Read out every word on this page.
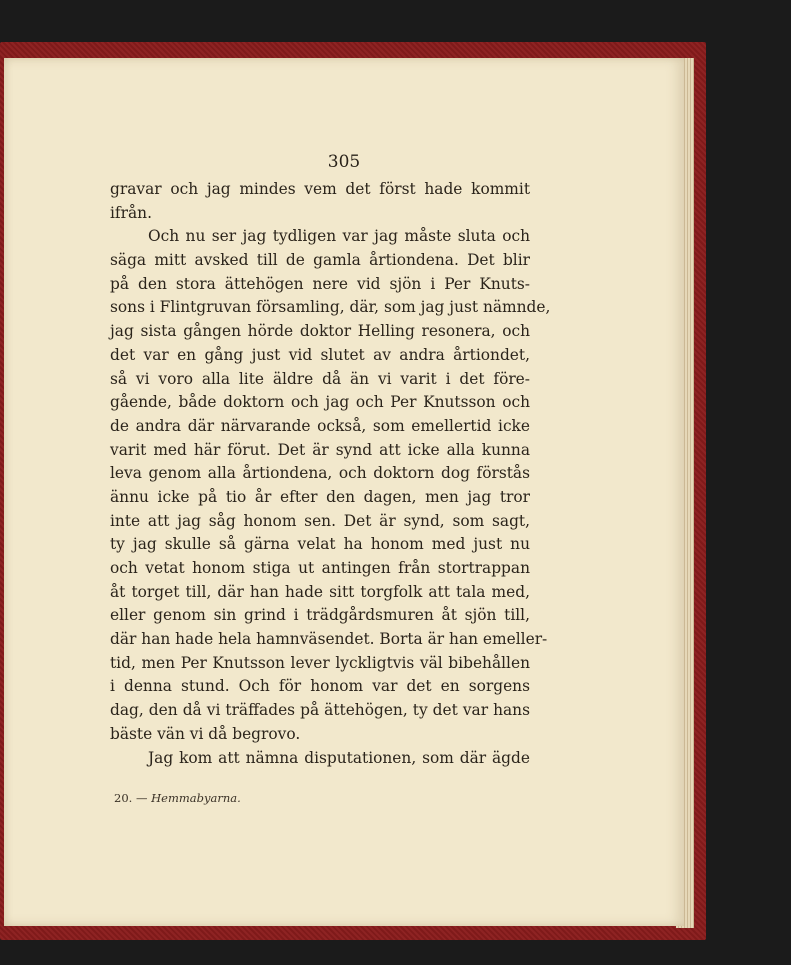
305

gravar och jag mindes vem det först hade kommit
ifrån.
Och nu ser jag tydligen var jag måste sluta och
säga mitt avsked till de gamla årtiondena. Det blir
på den stora ättehögen nere vid sjön i Per Knuts-
sons i Flintgruvan församling, där, som jag just nämnde,
jag sista gången hörde doktor Helling resonera, och
det var en gång just vid slutet av andra årtiondet,
så vi voro alla lite äldre då än vi varit i det före-
gående, både doktorn och jag och Per Knutsson och
de andra där närvarande också, som emellertid icke
varit med här förut. Det är synd att icke alla kunna
leva genom alla årtiondena, och doktorn dog förstås
ännu icke på tio år efter den dagen, men jag tror
inte att jag såg honom sen. Det är synd, som sagt,
ty jag skulle så gärna velat ha honom med just nu
och vetat honom stiga ut antingen från stortrappan
åt torget till, där han hade sitt torgfolk att tala med,
eller genom sin grind i trädgårdsmuren åt sjön till,
där han hade hela hamnväsendet. Borta är han emeller-
tid, men Per Knutsson lever lyckligtvis väl bibehållen
i denna stund. Och för honom var det en sorgens
dag, den då vi träffades på ättehögen, ty det var hans
bäste vän vi då begrovo.
Jag kom att nämna disputationen, som där ägde
20. — Hemmabyarna.
